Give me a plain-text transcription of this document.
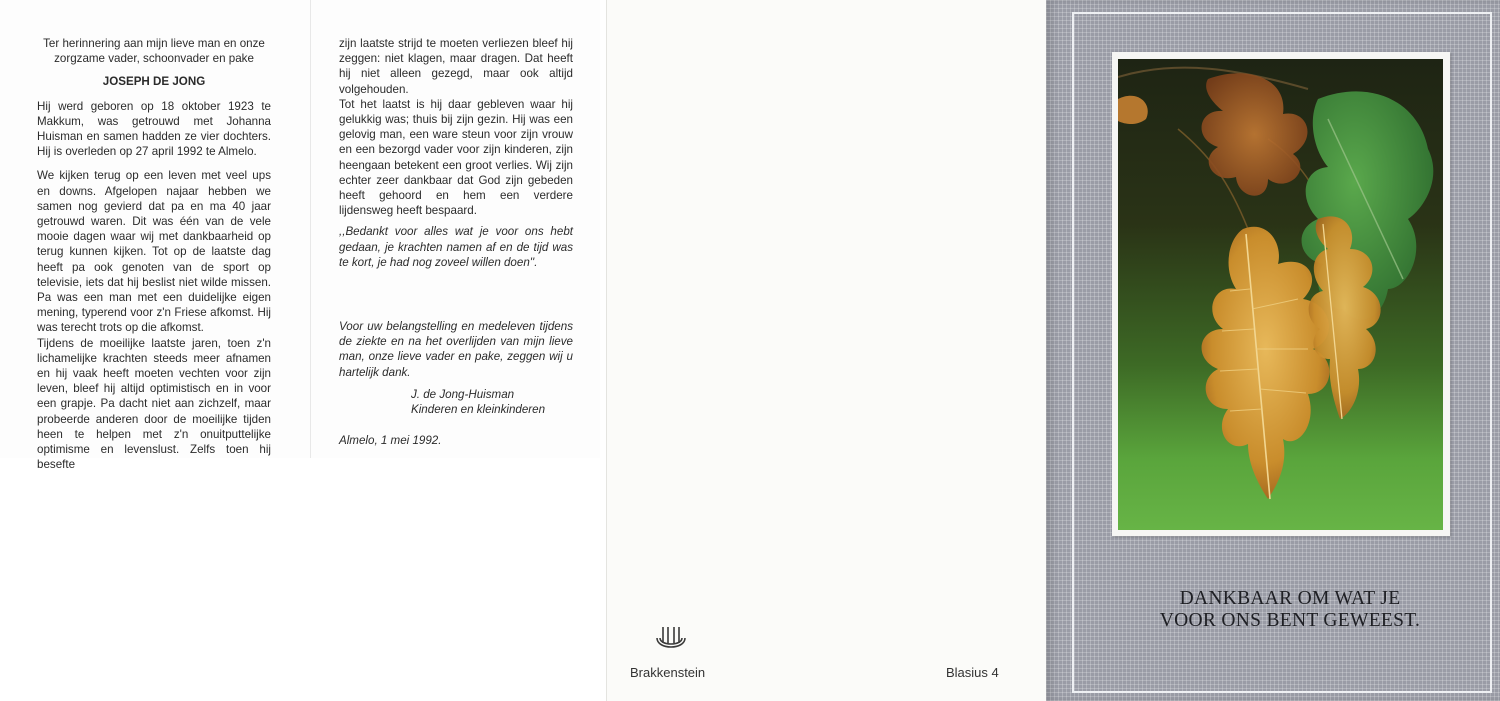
Ter herinnering aan mijn lieve man en onze zorgzame vader, schoonvader en pake

JOSEPH DE JONG

Hij werd geboren op 18 oktober 1923 te Makkum, was getrouwd met Johanna Huisman en samen hadden ze vier dochters. Hij is overleden op 27 april 1992 te Almelo.

We kijken terug op een leven met veel ups en downs. Afgelopen najaar hebben we samen nog gevierd dat pa en ma 40 jaar getrouwd waren. Dit was één van de vele mooie dagen waar wij met dankbaarheid op terug kunnen kijken. Tot op de laatste dag heeft pa ook genoten van de sport op televisie, iets dat hij beslist niet wilde missen. Pa was een man met een duidelijke eigen mening, typerend voor z'n Friese afkomst. Hij was terecht trots op die afkomst.

Tijdens de moeilijke laatste jaren, toen z'n lichamelijke krachten steeds meer afnamen en hij vaak heeft moeten vechten voor zijn leven, bleef hij altijd optimistisch en in voor een grapje. Pa dacht niet aan zichzelf, maar probeerde anderen door de moeilijke tijden heen te helpen met z'n onuitputtelijke optimisme en levenslust. Zelfs toen hij besefte

zijn laatste strijd te moeten verliezen bleef hij zeggen: niet klagen, maar dragen. Dat heeft hij niet alleen gezegd, maar ook altijd volgehouden.

Tot het laatst is hij daar gebleven waar hij gelukkig was; thuis bij zijn gezin. Hij was een gelovig man, een ware steun voor zijn vrouw en een bezorgd vader voor zijn kinderen, zijn heengaan betekent een groot verlies. Wij zijn echter zeer dankbaar dat God zijn gebeden heeft gehoord en hem een verdere lijdensweg heeft bespaard.

,,Bedankt voor alles wat je voor ons hebt gedaan, je krachten namen af en de tijd was te kort, je had nog zoveel willen doen''.

Voor uw belangstelling en medeleven tijdens de ziekte en na het overlijden van mijn lieve man, onze lieve vader en pake, zeggen wij u hartelijk dank.

J. de Jong-Huisman

Kinderen en kleinkinderen

Almelo, 1 mei 1992.

Brakkenstein	Blasius 4
DANKBAAR OM WAT JE
VOOR ONS BENT GEWEEST.
